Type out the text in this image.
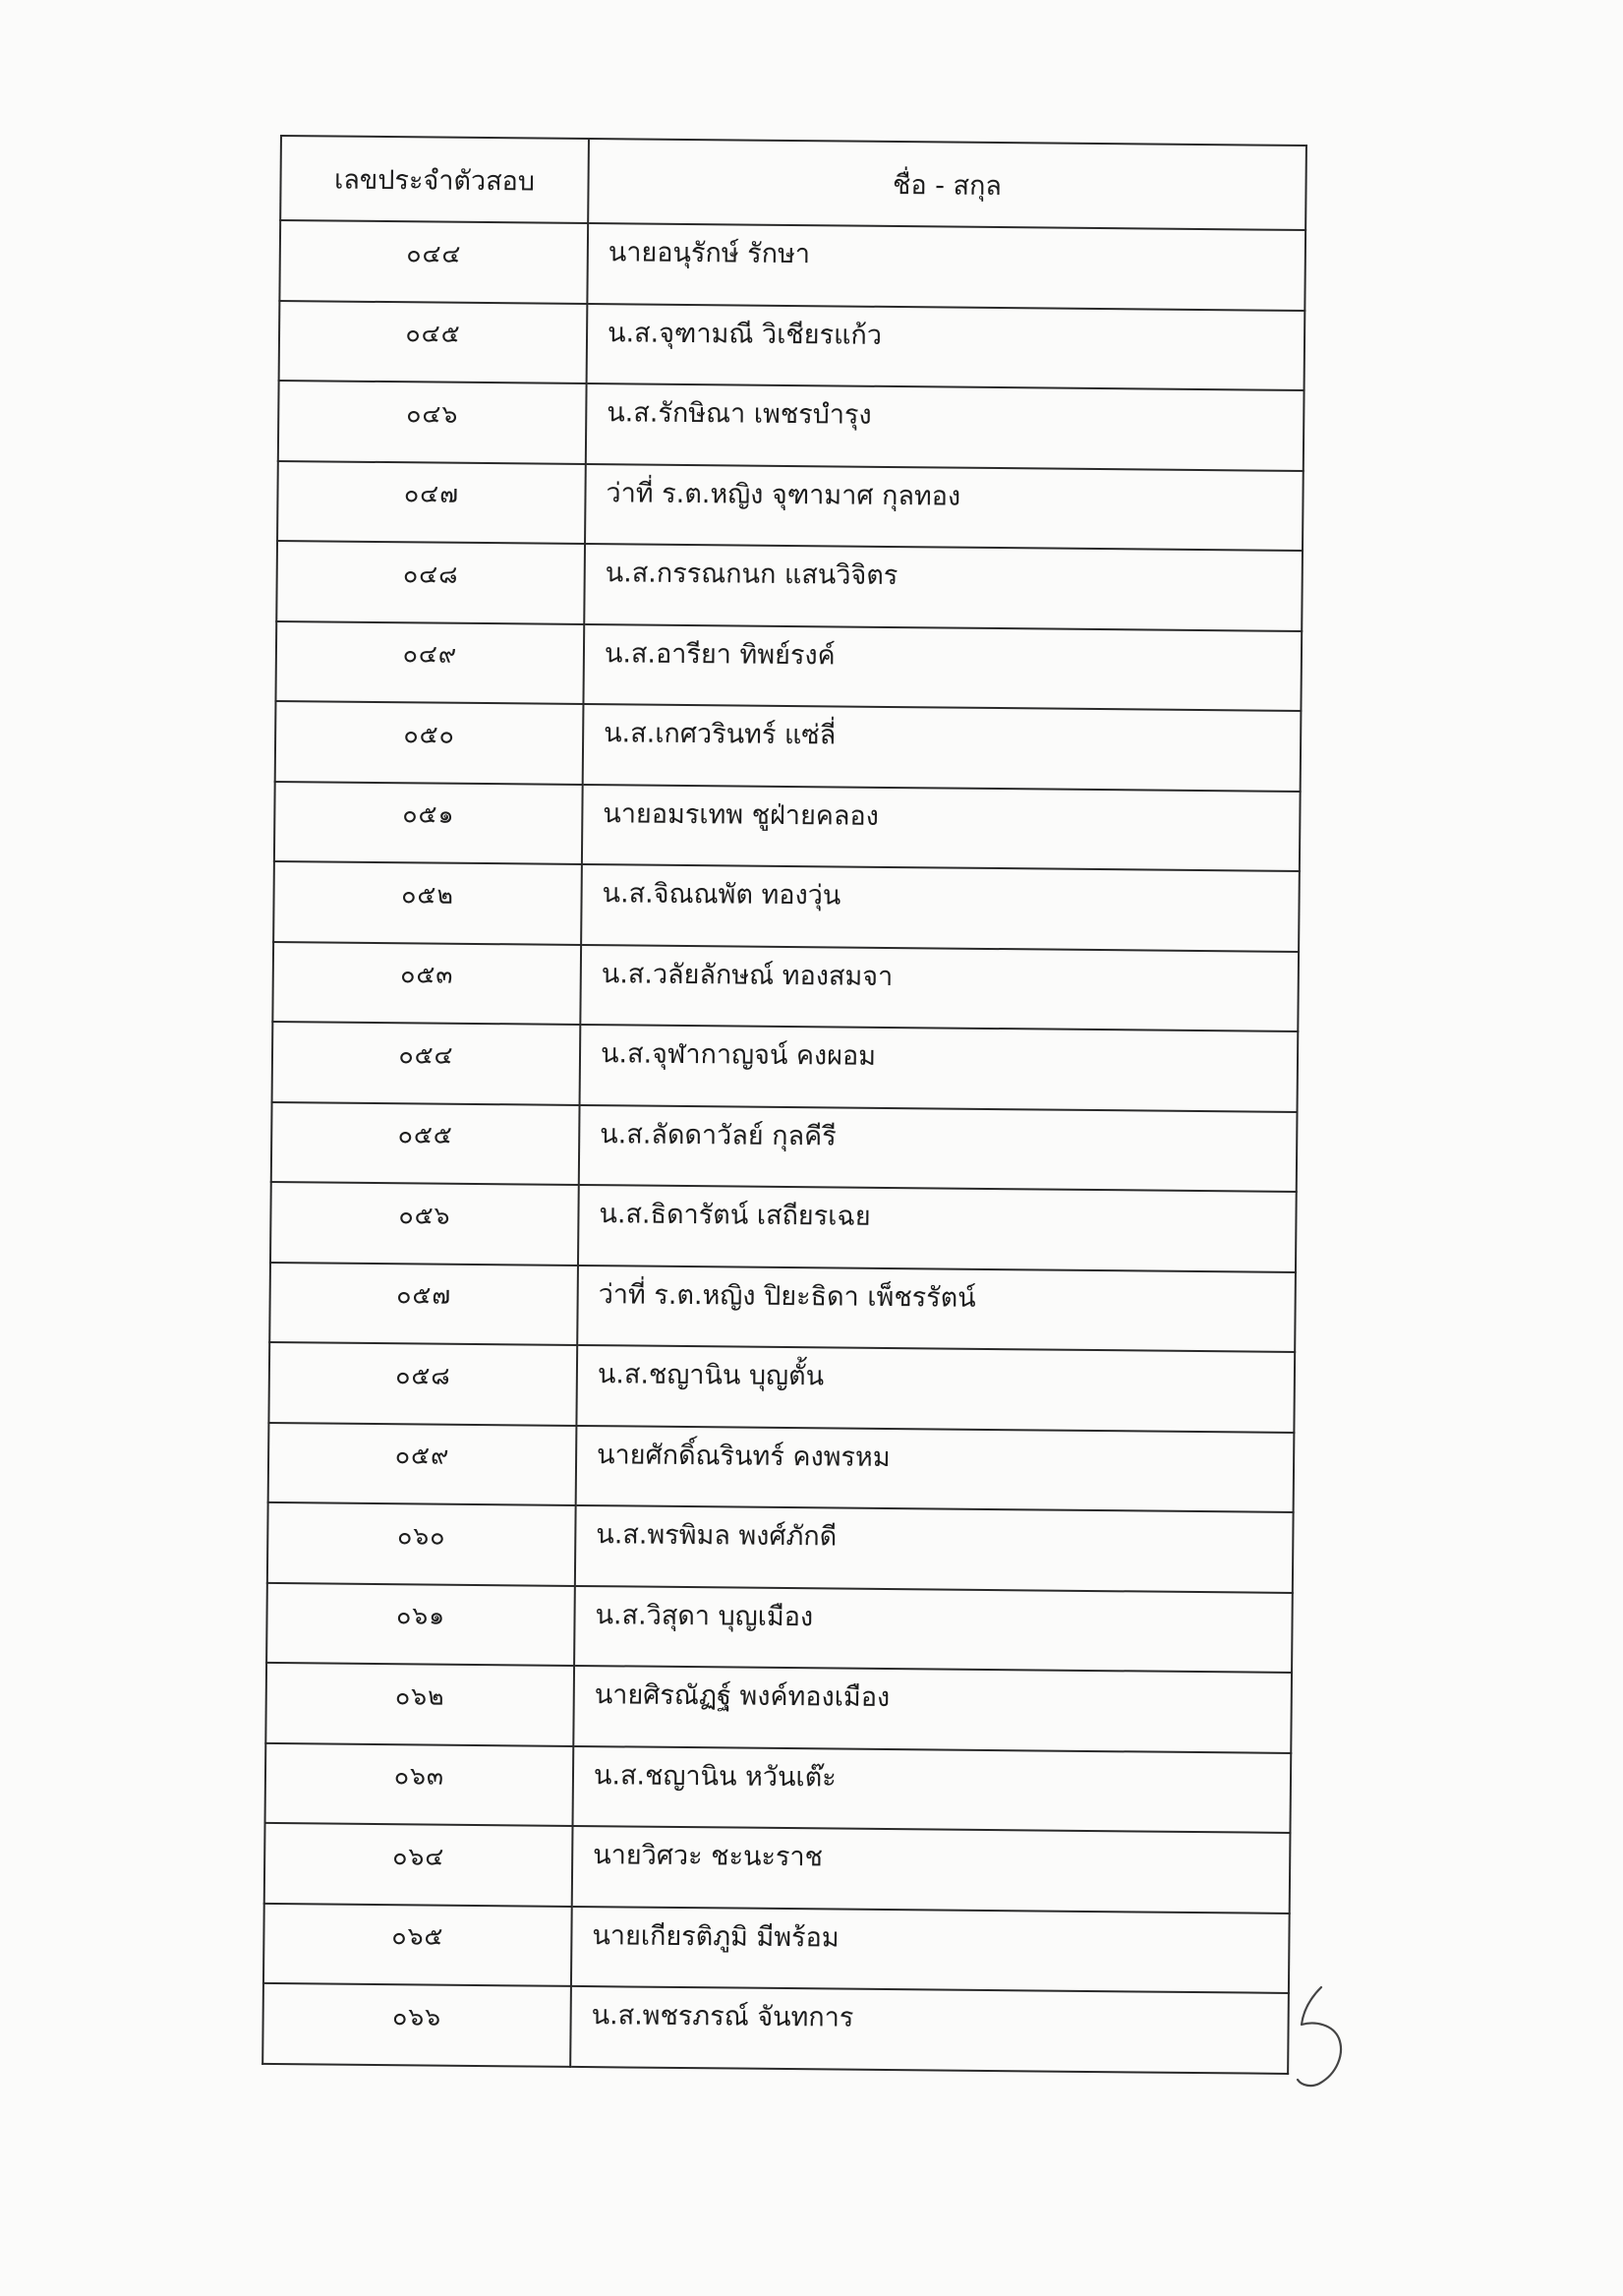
เลขประจำตัวสอบ	ชื่อ - สกุล
๐๔๔	นายอนุรักษ์ รักษา
๐๔๕	น.ส.จุฑามณี วิเชียรแก้ว
๐๔๖	น.ส.รักษิณา เพชรบำรุง
๐๔๗	ว่าที่ ร.ต.หญิง จุฑามาศ กุลทอง
๐๔๘	น.ส.กรรณกนก แสนวิจิตร
๐๔๙	น.ส.อารียา ทิพย์รงค์
๐๕๐	น.ส.เกศวรินทร์ แซ่ลี่
๐๕๑	นายอมรเทพ ชูฝ่ายคลอง
๐๕๒	น.ส.จิณณพัต ทองวุ่น
๐๕๓	น.ส.วลัยลักษณ์ ทองสมจา
๐๕๔	น.ส.จุฬากาญจน์ คงผอม
๐๕๕	น.ส.ลัดดาวัลย์ กุลคีรี
๐๕๖	น.ส.ธิดารัตน์ เสถียรเฉย
๐๕๗	ว่าที่ ร.ต.หญิง ปิยะธิดา เพ็ชรรัตน์
๐๕๘	น.ส.ชญานิน บุญตั้น
๐๕๙	นายศักดิ์ณรินทร์ คงพรหม
๐๖๐	น.ส.พรพิมล พงศ์ภักดี
๐๖๑	น.ส.วิสุดา บุญเมือง
๐๖๒	นายศิรณัฏฐ์ พงค์ทองเมือง
๐๖๓	น.ส.ชญานิน หวันเต๊ะ
๐๖๔	นายวิศวะ ชะนะราช
๐๖๕	นายเกียรติภูมิ มีพร้อม
๐๖๖	น.ส.พชรภรณ์ จันทการ
